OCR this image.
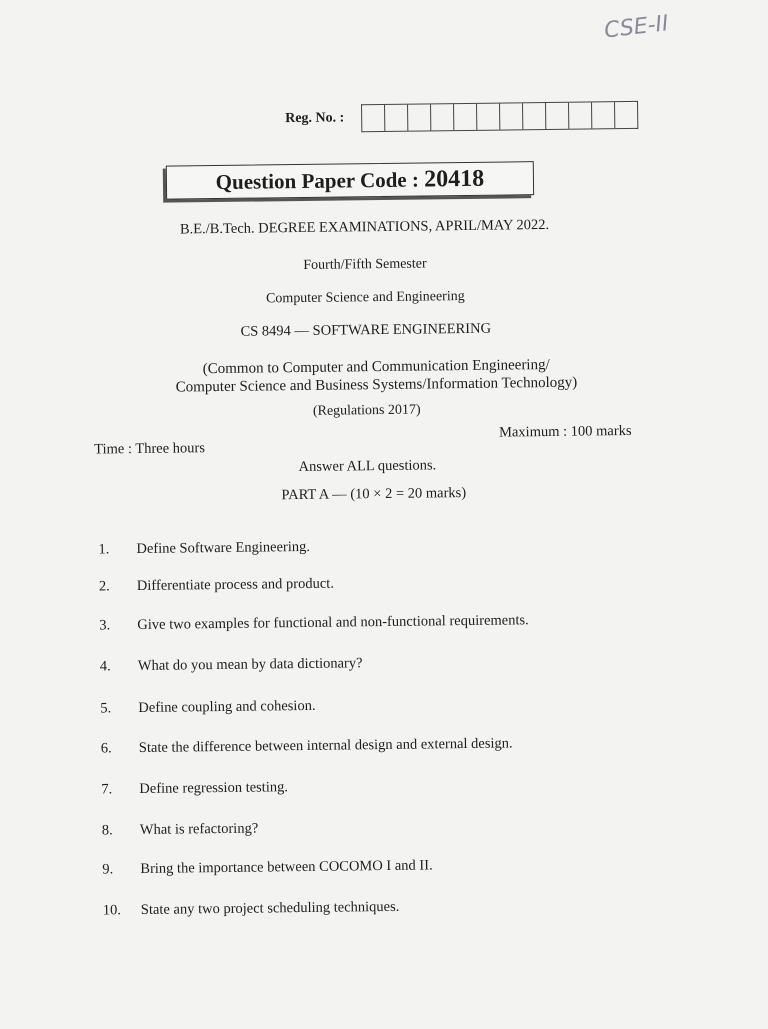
CSE-II
Reg. No. :
Question Paper Code : 20418
B.E./B.Tech. DEGREE EXAMINATIONS, APRIL/MAY 2022.
Fourth/Fifth Semester
Computer Science and Engineering
CS 8494 — SOFTWARE ENGINEERING
(Common to Computer and Communication Engineering/
Computer Science and Business Systems/Information Technology)
(Regulations 2017)
Time : Three hours
Maximum : 100 marks
Answer ALL questions.
PART A — (10 × 2 = 20 marks)
1. Define Software Engineering.
2. Differentiate process and product.
3. Give two examples for functional and non-functional requirements.
4. What do you mean by data dictionary?
5. Define coupling and cohesion.
6. State the difference between internal design and external design.
7. Define regression testing.
8. What is refactoring?
9. Bring the importance between COCOMO I and II.
10. State any two project scheduling techniques.
